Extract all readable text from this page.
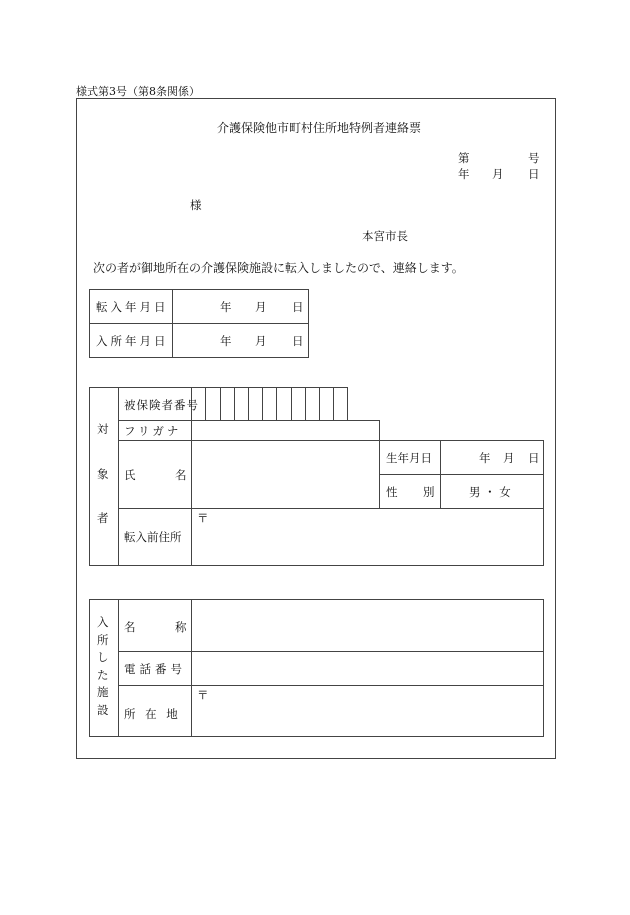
様式第3号（第8条関係）
介護保険他市町村住所地特例者連絡票
第	号
年 月 日
様
本宮市長
次の者が御地所在の介護保険施設に転入しましたので、連絡します。
転入年月日	年 月 日
入所年月日	年 月 日
対
象
者
被保険者番号
フリガナ
氏	名
生年月日	年 月 日
性 別	男 ・ 女
転入前住所
〒
入
所
し
た
施
設
名	称
電話番号
所 在 地
〒
